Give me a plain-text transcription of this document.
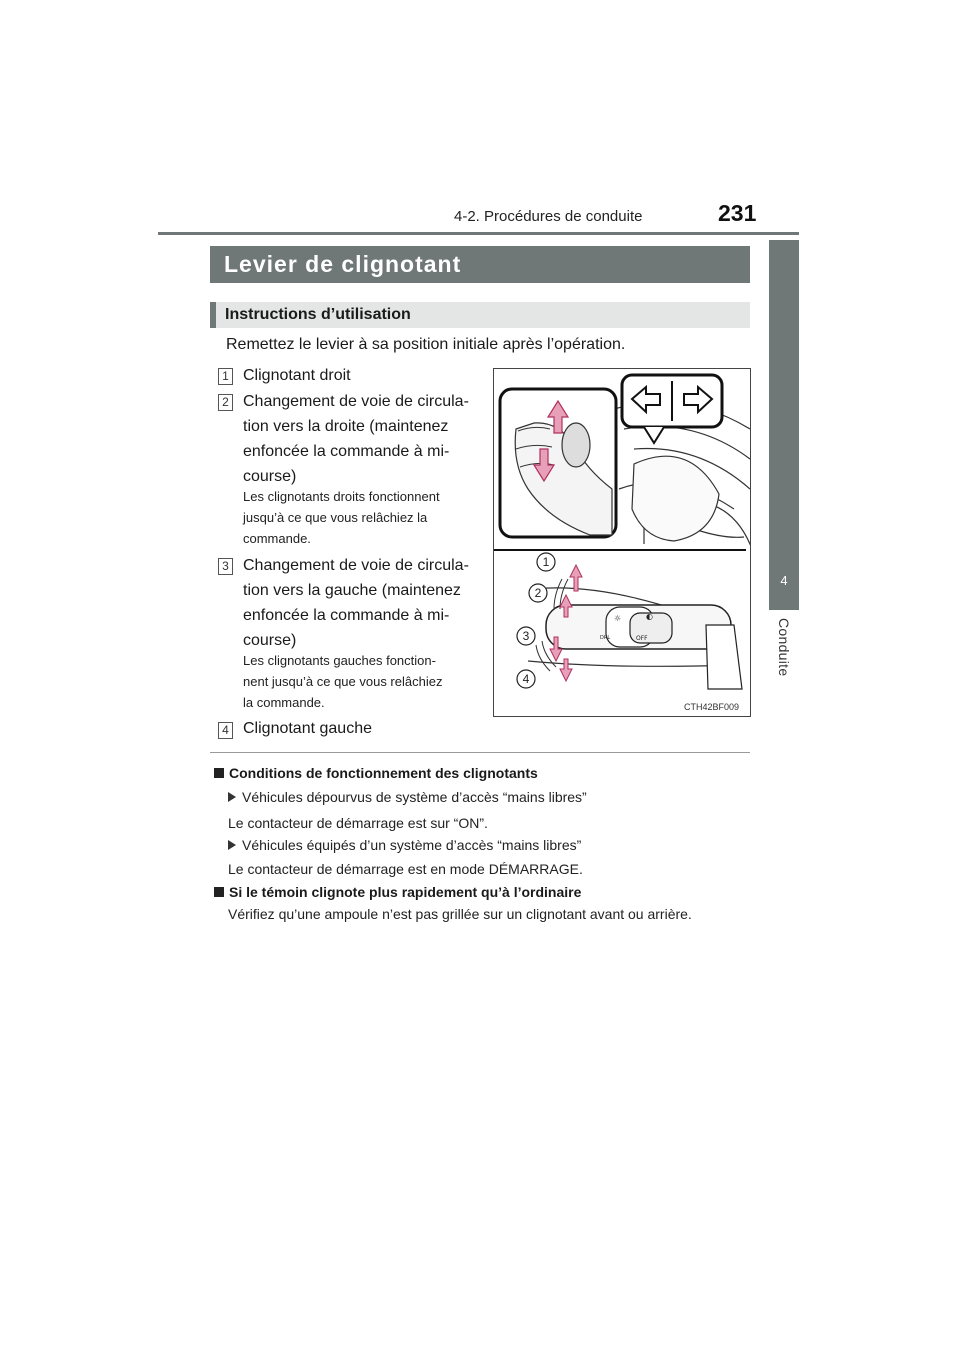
4-2. Procédures de conduite	231
4
Conduite
Levier de clignotant
Instructions d’utilisation
Remettez le levier à sa position initiale après l’opération.
1 Clignotant droit
2 Changement de voie de circula-
tion vers la droite (maintenez
enfoncée la commande à mi-
course)
Les clignotants droits fonctionnent
jusqu’à ce que vous relâchiez la
commande.
3 Changement de voie de circula-
tion vers la gauche (maintenez
enfoncée la commande à mi-
course)
Les clignotants gauches fonction-
nent jusqu’à ce que vous relâchiez
la commande.
4 Clignotant gauche
☼	◐
DRL	OFF
1
2
3
4
CTH42BF009
Conditions de fonctionnement des clignotants
Véhicules dépourvus de système d’accès “mains libres”
Le contacteur de démarrage est sur “ON”.
Véhicules équipés d’un système d’accès “mains libres”
Le contacteur de démarrage est en mode DÉMARRAGE.
Si le témoin clignote plus rapidement qu’à l’ordinaire
Vérifiez qu’une ampoule n’est pas grillée sur un clignotant avant ou arrière.
